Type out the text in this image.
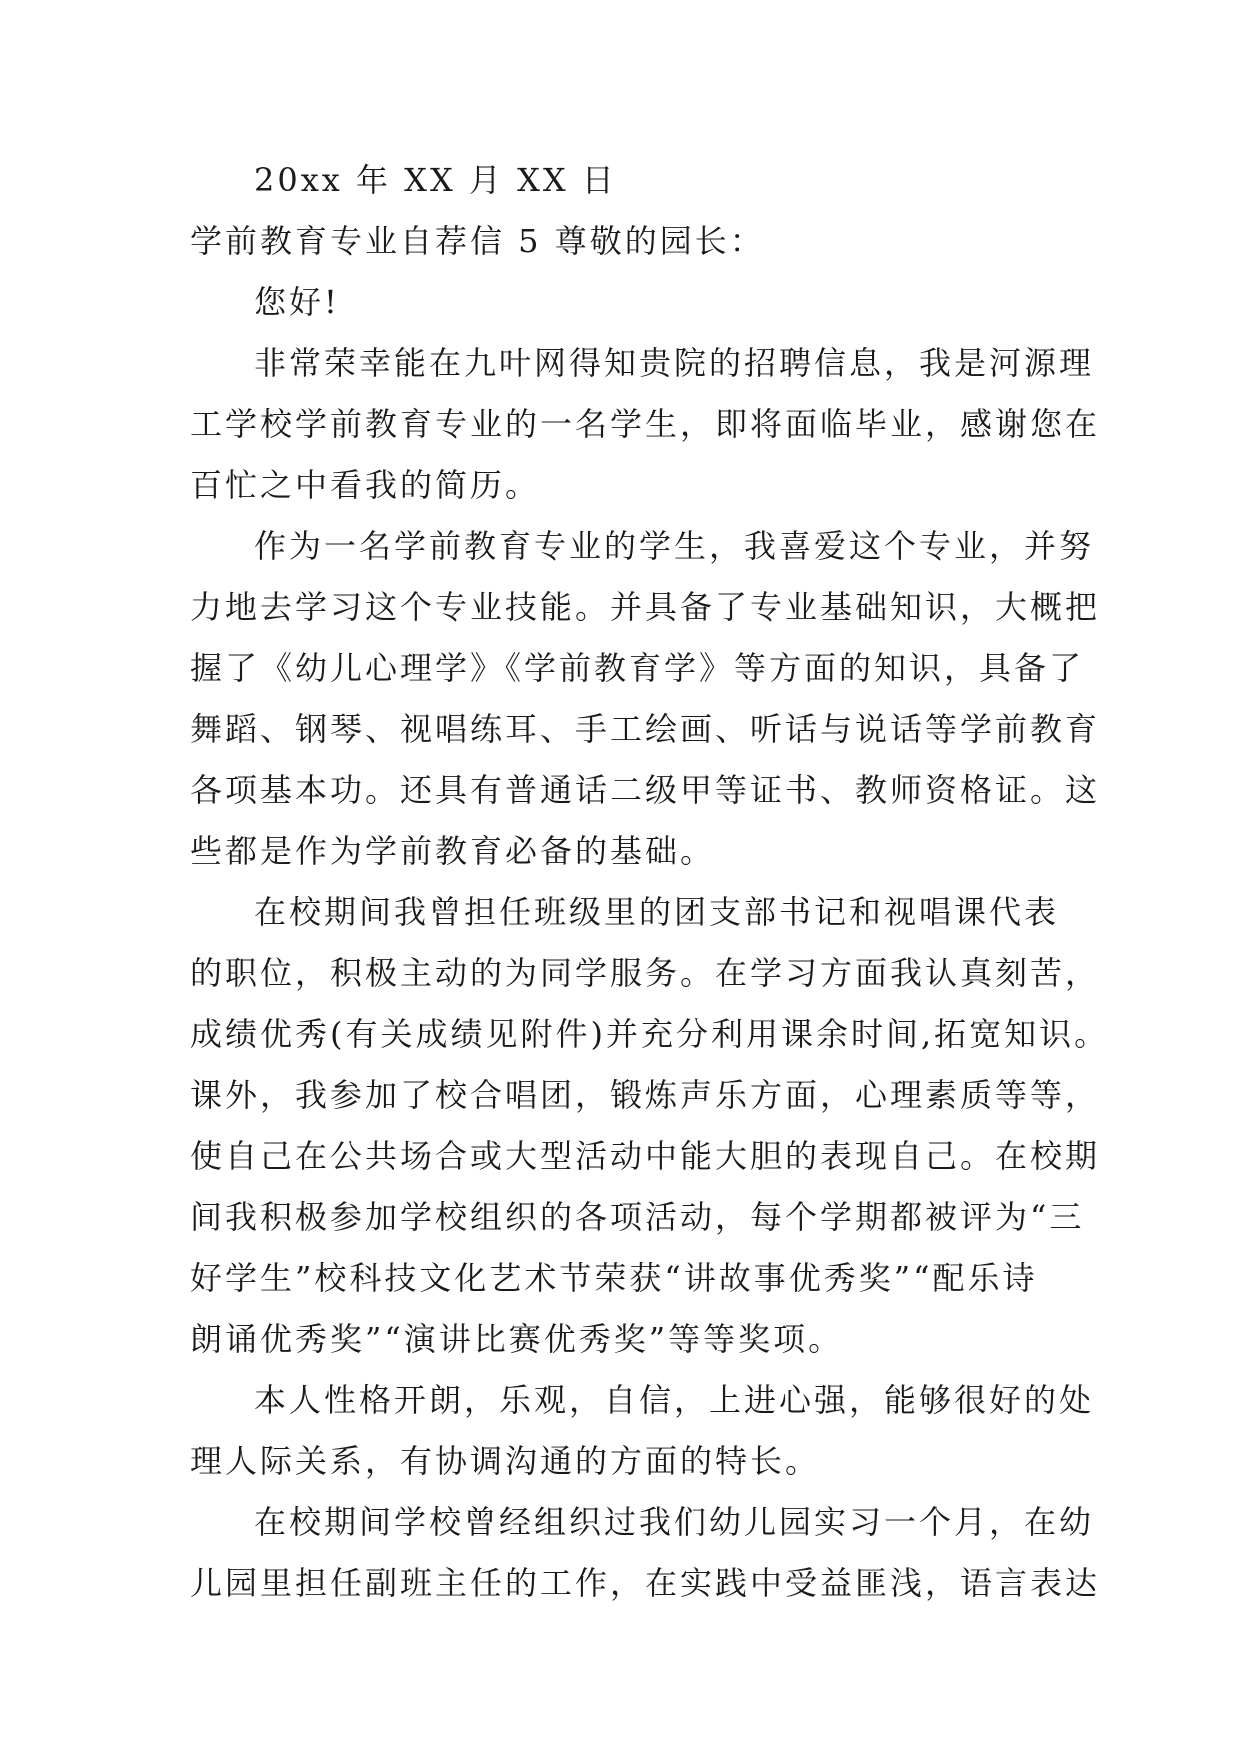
20xx 年 XX 月 XX 日
学前教育专业自荐信 5 尊敬的园长：
您好!
非常荣幸能在九叶网得知贵院的招聘信息，我是河源理
工学校学前教育专业的一名学生，即将面临毕业，感谢您在
百忙之中看我的简历。
作为一名学前教育专业的学生，我喜爱这个专业，并努
力地去学习这个专业技能。并具备了专业基础知识，大概把
握了《幼儿心理学》《学前教育学》等方面的知识，具备了
舞蹈、钢琴、视唱练耳、手工绘画、听话与说话等学前教育
各项基本功。还具有普通话二级甲等证书、教师资格证。这
些都是作为学前教育必备的基础。
在校期间我曾担任班级里的团支部书记和视唱课代表
的职位，积极主动的为同学服务。在学习方面我认真刻苦，
成绩优秀(有关成绩见附件)并充分利用课余时间,拓宽知识。
课外，我参加了校合唱团，锻炼声乐方面，心理素质等等，
使自己在公共场合或大型活动中能大胆的表现自己。在校期
间我积极参加学校组织的各项活动，每个学期都被评为“三
好学生”校科技文化艺术节荣获“讲故事优秀奖”“配乐诗
朗诵优秀奖”“演讲比赛优秀奖”等等奖项。
本人性格开朗，乐观，自信，上进心强，能够很好的处
理人际关系，有协调沟通的方面的特长。
在校期间学校曾经组织过我们幼儿园实习一个月，在幼
儿园里担任副班主任的工作，在实践中受益匪浅，语言表达
